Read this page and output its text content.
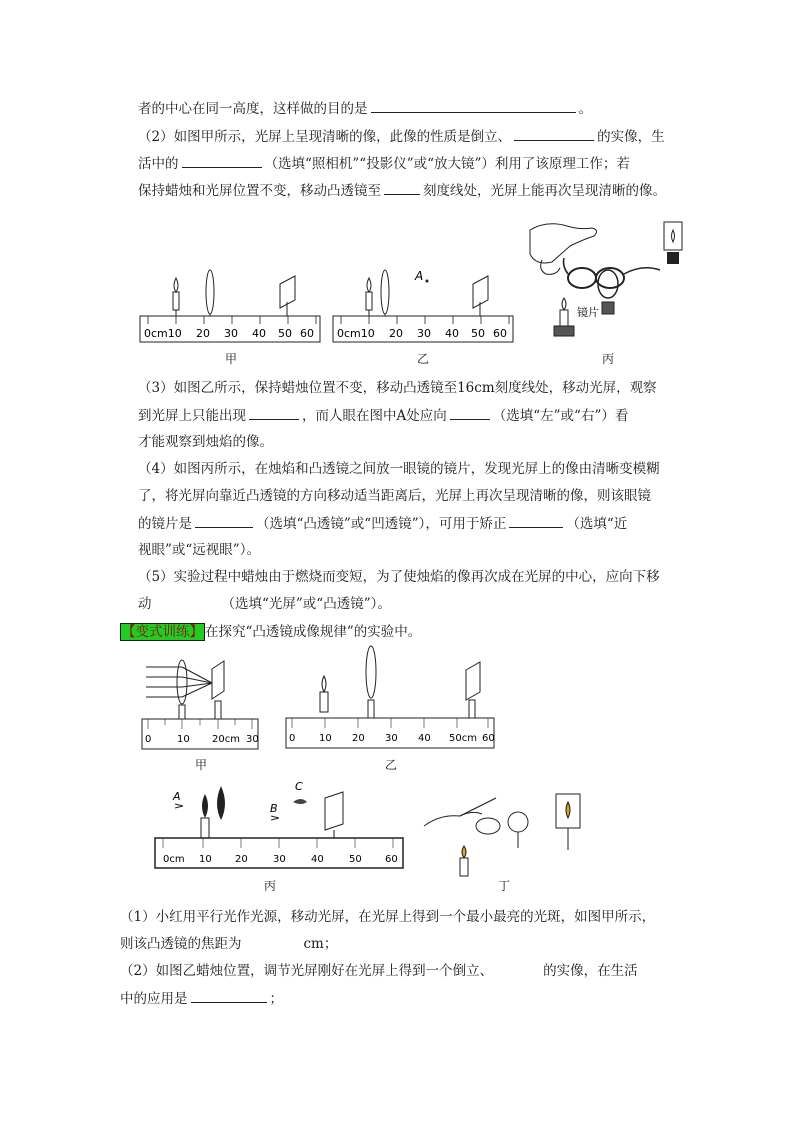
者的中心在同一高度，这样做的目的是	。
（2）如图甲所示，光屏上呈现清晰的像，此像的性质是倒立、	的实像，生
活中的	（选填“照相机”“投影仪”或“放大镜”）利用了该原理工作；若
保持蜡烛和光屏位置不变，移动凸透镜至	刻度线处，光屏上能再次呈现清晰的像。
0cm10 20 30 40 50 60
甲
A
0cm10 20 30 40 50 60
乙
镜片
丙
（3）如图乙所示，保持蜡烛位置不变，移动凸透镜至16cm刻度线处，移动光屏，观察
到光屏上只能出现	，而人眼在图中A处应向	（选填“左”或“右”）看
才能观察到烛焰的像。
（4）如图丙所示，在烛焰和凸透镜之间放一眼镜的镜片，发现光屏上的像由清晰变模糊
了，将光屏向靠近凸透镜的方向移动适当距离后，光屏上再次呈现清晰的像，则该眼镜
的镜片是	（选填“凸透镜”或“凹透镜”），可用于矫正	（选填“近
视眼”或“远视眼”）。
（5）实验过程中蜡烛由于燃烧而变短，为了使烛焰的像再次成在光屏的中心，应向下移
动	（选填“光屏”或“凸透镜”）。
【变式训练】 在探究“凸透镜成像规律”的实验中。
0	10 20cm 30
甲
0 10 20 30 40 50cm 60
乙
A
B
C
0cm 10 20	30	40	50 60
丙	丁
（1）小红用平行光作光源，移动光屏，在光屏上得到一个最小最亮的光斑，如图甲所示，
则该凸透镜的焦距为	cm；
（2）如图乙蜡烛位置，调节光屏刚好在光屏上得到一个倒立、	的实像，在生活
中的应用是	；
